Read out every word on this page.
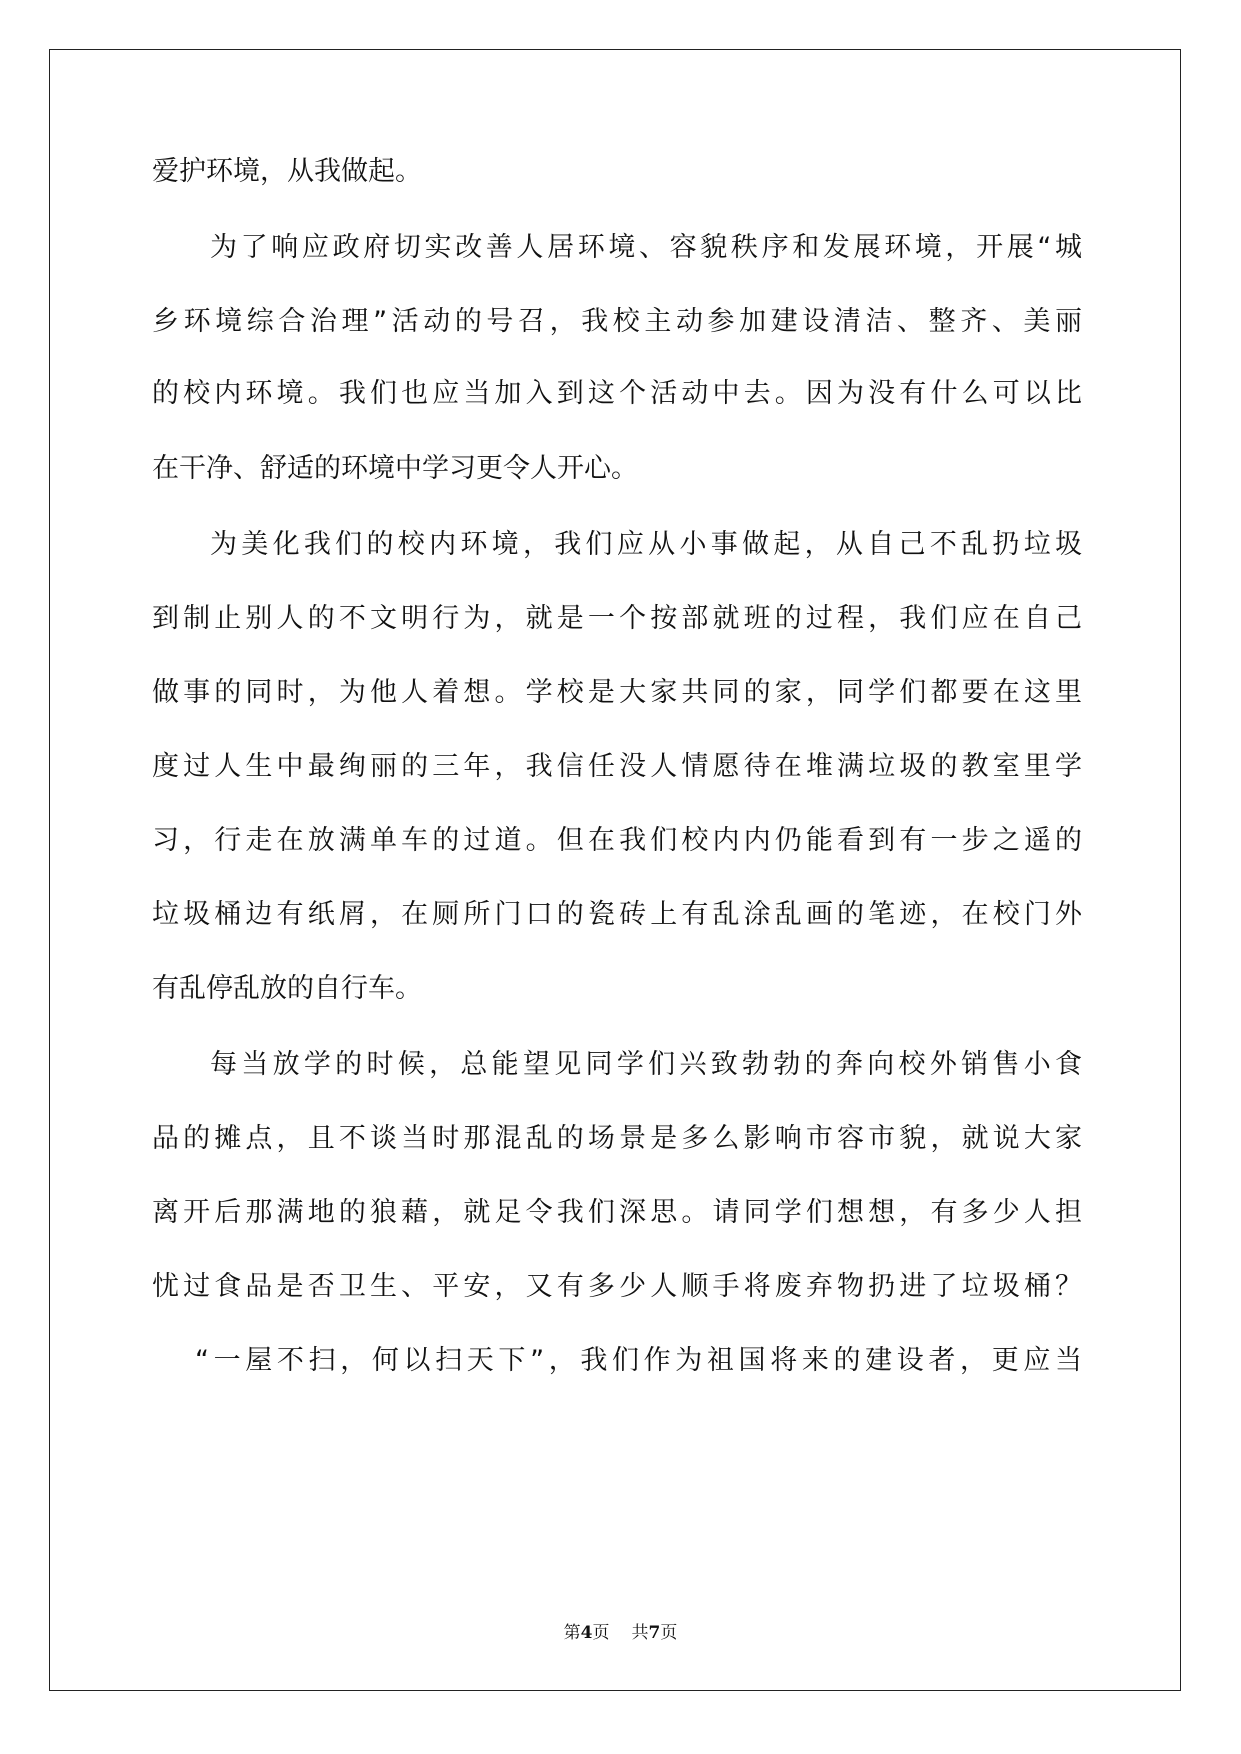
爱护环境，从我做起。
为了响应政府切实改善人居环境、容貌秩序和发展环境，开展“城
乡环境综合治理”活动的号召，我校主动参加建设清洁、整齐、美丽
的校内环境。我们也应当加入到这个活动中去。因为没有什么可以比
在干净、舒适的环境中学习更令人开心。
为美化我们的校内环境，我们应从小事做起，从自己不乱扔垃圾
到制止别人的不文明行为，就是一个按部就班的过程，我们应在自己
做事的同时，为他人着想。学校是大家共同的家，同学们都要在这里
度过人生中最绚丽的三年，我信任没人情愿待在堆满垃圾的教室里学
习，行走在放满单车的过道。但在我们校内内仍能看到有一步之遥的
垃圾桶边有纸屑，在厕所门口的瓷砖上有乱涂乱画的笔迹，在校门外
有乱停乱放的自行车。
每当放学的时候，总能望见同学们兴致勃勃的奔向校外销售小食
品的摊点，且不谈当时那混乱的场景是多么影响市容市貌，就说大家
离开后那满地的狼藉，就足令我们深思。请同学们想想，有多少人担
忧过食品是否卫生、平安，又有多少人顺手将废弃物扔进了垃圾桶？
“一屋不扫，何以扫天下”，我们作为祖国将来的建设者，更应当
第4页 共7页
